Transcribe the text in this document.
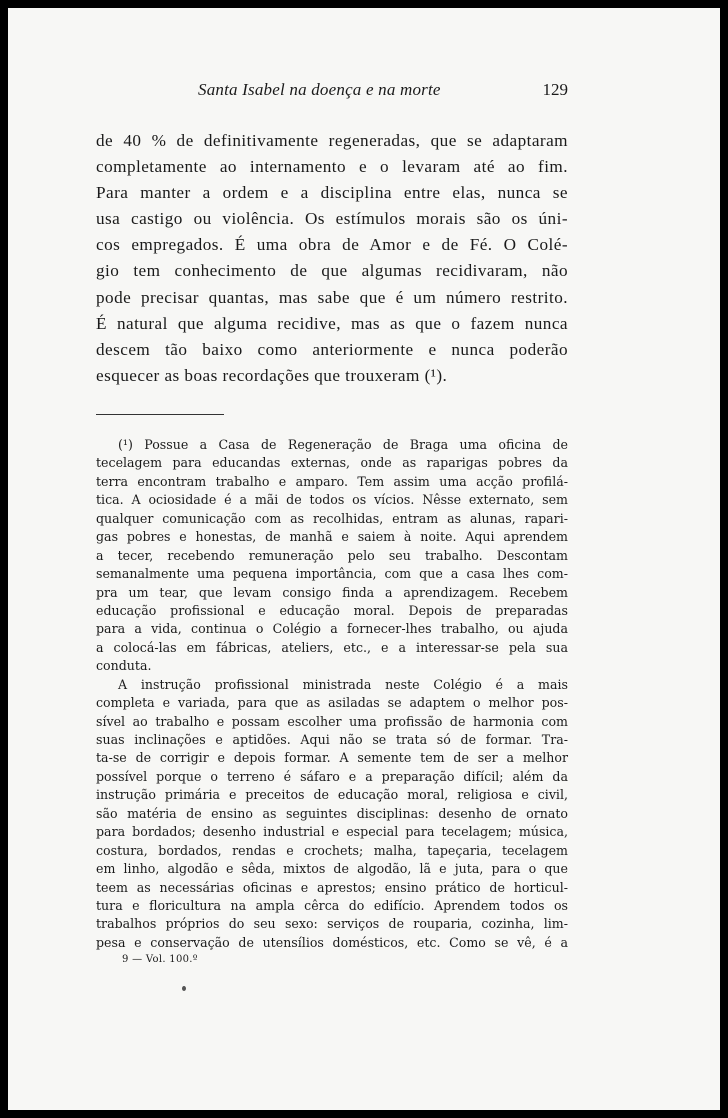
Santa Isabel na doença e na morte	129
de 40 % de definitivamente regeneradas, que se adaptaram
completamente ao internamento e o levaram até ao fim.
Para manter a ordem e a disciplina entre elas, nunca se
usa castigo ou violência. Os estímulos morais são os úni-
cos empregados. É uma obra de Amor e de Fé. O Colé-
gio tem conhecimento de que algumas recidivaram, não
pode precisar quantas, mas sabe que é um número restrito.
É natural que alguma recidive, mas as que o fazem nunca
descem tão baixo como anteriormente e nunca poderão
esquecer as boas recordações que trouxeram (¹).
(¹) Possue a Casa de Regeneração de Braga uma oficina de
tecelagem para educandas externas, onde as raparigas pobres da
terra encontram trabalho e amparo. Tem assim uma acção profilá-
tica. A ociosidade é a mãi de todos os vícios. Nêsse externato, sem
qualquer comunicação com as recolhidas, entram as alunas, rapari-
gas pobres e honestas, de manhã e saiem à noite. Aqui aprendem
a tecer, recebendo remuneração pelo seu trabalho. Descontam
semanalmente uma pequena importância, com que a casa lhes com-
pra um tear, que levam consigo finda a aprendizagem. Recebem
educação profissional e educação moral. Depois de preparadas
para a vida, continua o Colégio a fornecer-lhes trabalho, ou ajuda
a colocá-las em fábricas, ateliers, etc., e a interessar-se pela sua
conduta.
A instrução profissional ministrada neste Colégio é a mais
completa e variada, para que as asiladas se adaptem o melhor pos-
sível ao trabalho e possam escolher uma profissão de harmonia com
suas inclinações e aptidões. Aqui não se trata só de formar. Tra-
ta-se de corrigir e depois formar. A semente tem de ser a melhor
possível porque o terreno é sáfaro e a preparação difícil; além da
instrução primária e preceitos de educação moral, religiosa e civil,
são matéria de ensino as seguintes disciplinas: desenho de ornato
para bordados; desenho industrial e especial para tecelagem; música,
costura, bordados, rendas e crochets; malha, tapeçaria, tecelagem
em linho, algodão e sêda, mixtos de algodão, lã e juta, para o que
teem as necessárias oficinas e aprestos; ensino prático de horticul-
tura e floricultura na ampla cêrca do edifício. Aprendem todos os
trabalhos próprios do seu sexo: serviços de rouparia, cozinha, lim-
pesa e conservação de utensílios domésticos, etc. Como se vê, é a
9 — Vol. 100.º
